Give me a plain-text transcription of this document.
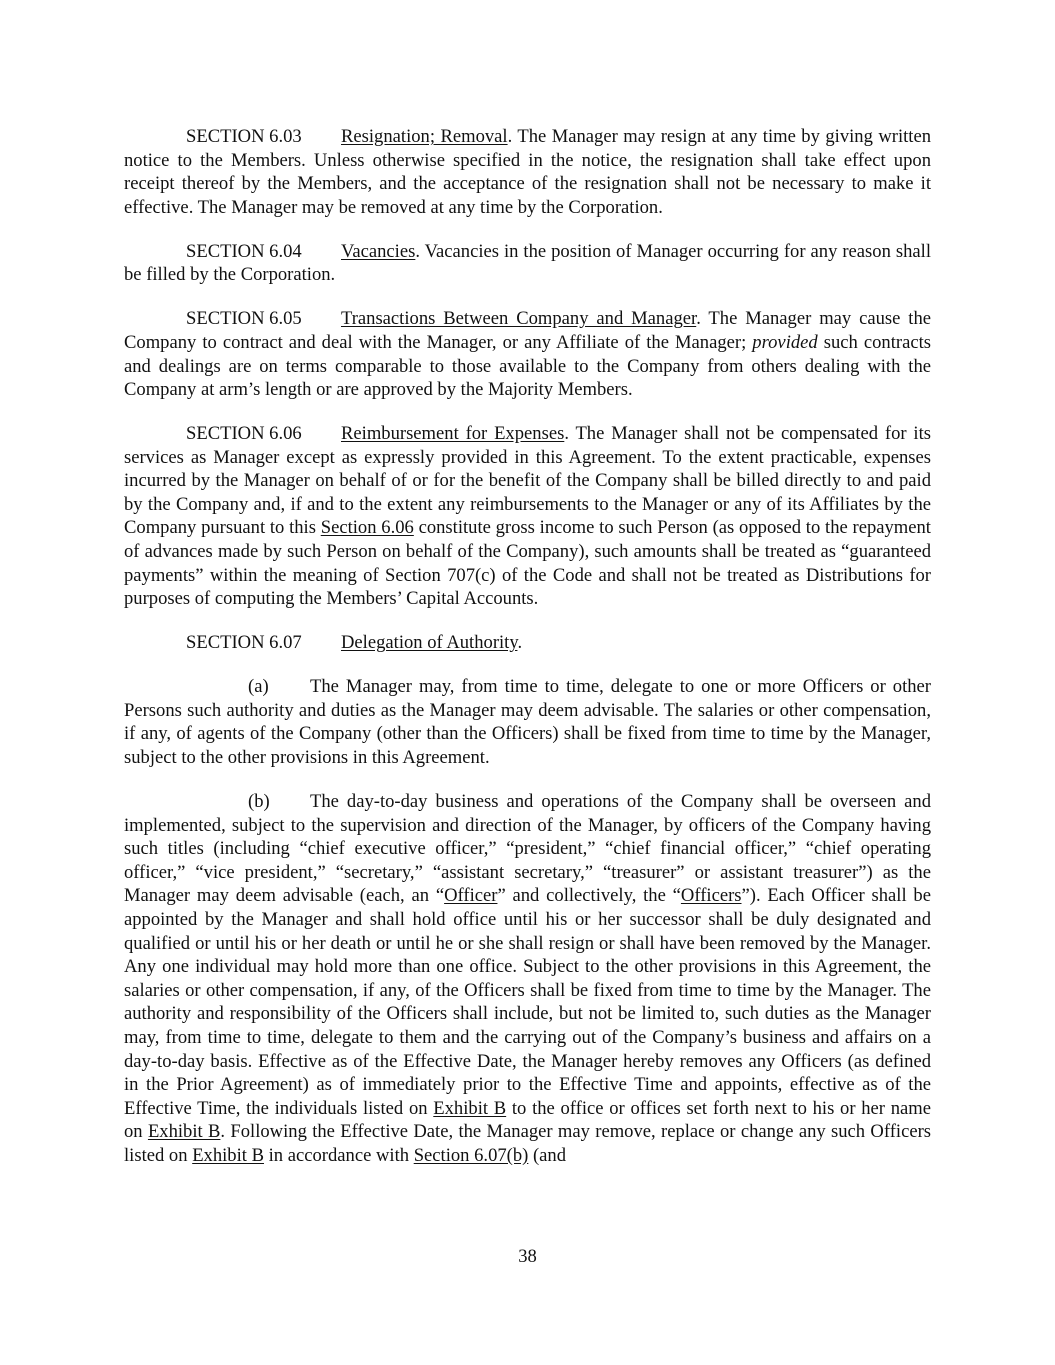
SECTION 6.03 Resignation; Removal. The Manager may resign at any time by giving written notice to the Members. Unless otherwise specified in the notice, the resignation shall take effect upon receipt thereof by the Members, and the acceptance of the resignation shall not be necessary to make it effective. The Manager may be removed at any time by the Corporation.

SECTION 6.04 Vacancies. Vacancies in the position of Manager occurring for any reason shall be filled by the Corporation.

SECTION 6.05 Transactions Between Company and Manager. The Manager may cause the Company to contract and deal with the Manager, or any Affiliate of the Manager; provided such contracts and dealings are on terms comparable to those available to the Company from others dealing with the Company at arm’s length or are approved by the Majority Members.

SECTION 6.06 Reimbursement for Expenses. The Manager shall not be compensated for its services as Manager except as expressly provided in this Agreement. To the extent practicable, expenses incurred by the Manager on behalf of or for the benefit of the Company shall be billed directly to and paid by the Company and, if and to the extent any reimbursements to the Manager or any of its Affiliates by the Company pursuant to this Section 6.06 constitute gross income to such Person (as opposed to the repayment of advances made by such Person on behalf of the Company), such amounts shall be treated as “guaranteed payments” within the meaning of Section 707(c) of the Code and shall not be treated as Distributions for purposes of computing the Members’ Capital Accounts.

SECTION 6.07 Delegation of Authority.

(a) The Manager may, from time to time, delegate to one or more Officers or other Persons such authority and duties as the Manager may deem advisable. The salaries or other compensation, if any, of agents of the Company (other than the Officers) shall be fixed from time to time by the Manager, subject to the other provisions in this Agreement.

(b) The day-to-day business and operations of the Company shall be overseen and implemented, subject to the supervision and direction of the Manager, by officers of the Company having such titles (including “chief executive officer,” “president,” “chief financial officer,” “chief operating officer,” “vice president,” “secretary,” “assistant secretary,” “treasurer” or assistant treasurer”) as the Manager may deem advisable (each, an “Officer” and collectively, the “Officers”). Each Officer shall be appointed by the Manager and shall hold office until his or her successor shall be duly designated and qualified or until his or her death or until he or she shall resign or shall have been removed by the Manager. Any one individual may hold more than one office. Subject to the other provisions in this Agreement, the salaries or other compensation, if any, of the Officers shall be fixed from time to time by the Manager. The authority and responsibility of the Officers shall include, but not be limited to, such duties as the Manager may, from time to time, delegate to them and the carrying out of the Company’s business and affairs on a day-to-day basis. Effective as of the Effective Date, the Manager hereby removes any Officers (as defined in the Prior Agreement) as of immediately prior to the Effective Time and appoints, effective as of the Effective Time, the individuals listed on Exhibit B to the office or offices set forth next to his or her name on Exhibit B. Following the Effective Date, the Manager may remove, replace or change any such Officers listed on Exhibit B in accordance with Section 6.07(b) (and

38
